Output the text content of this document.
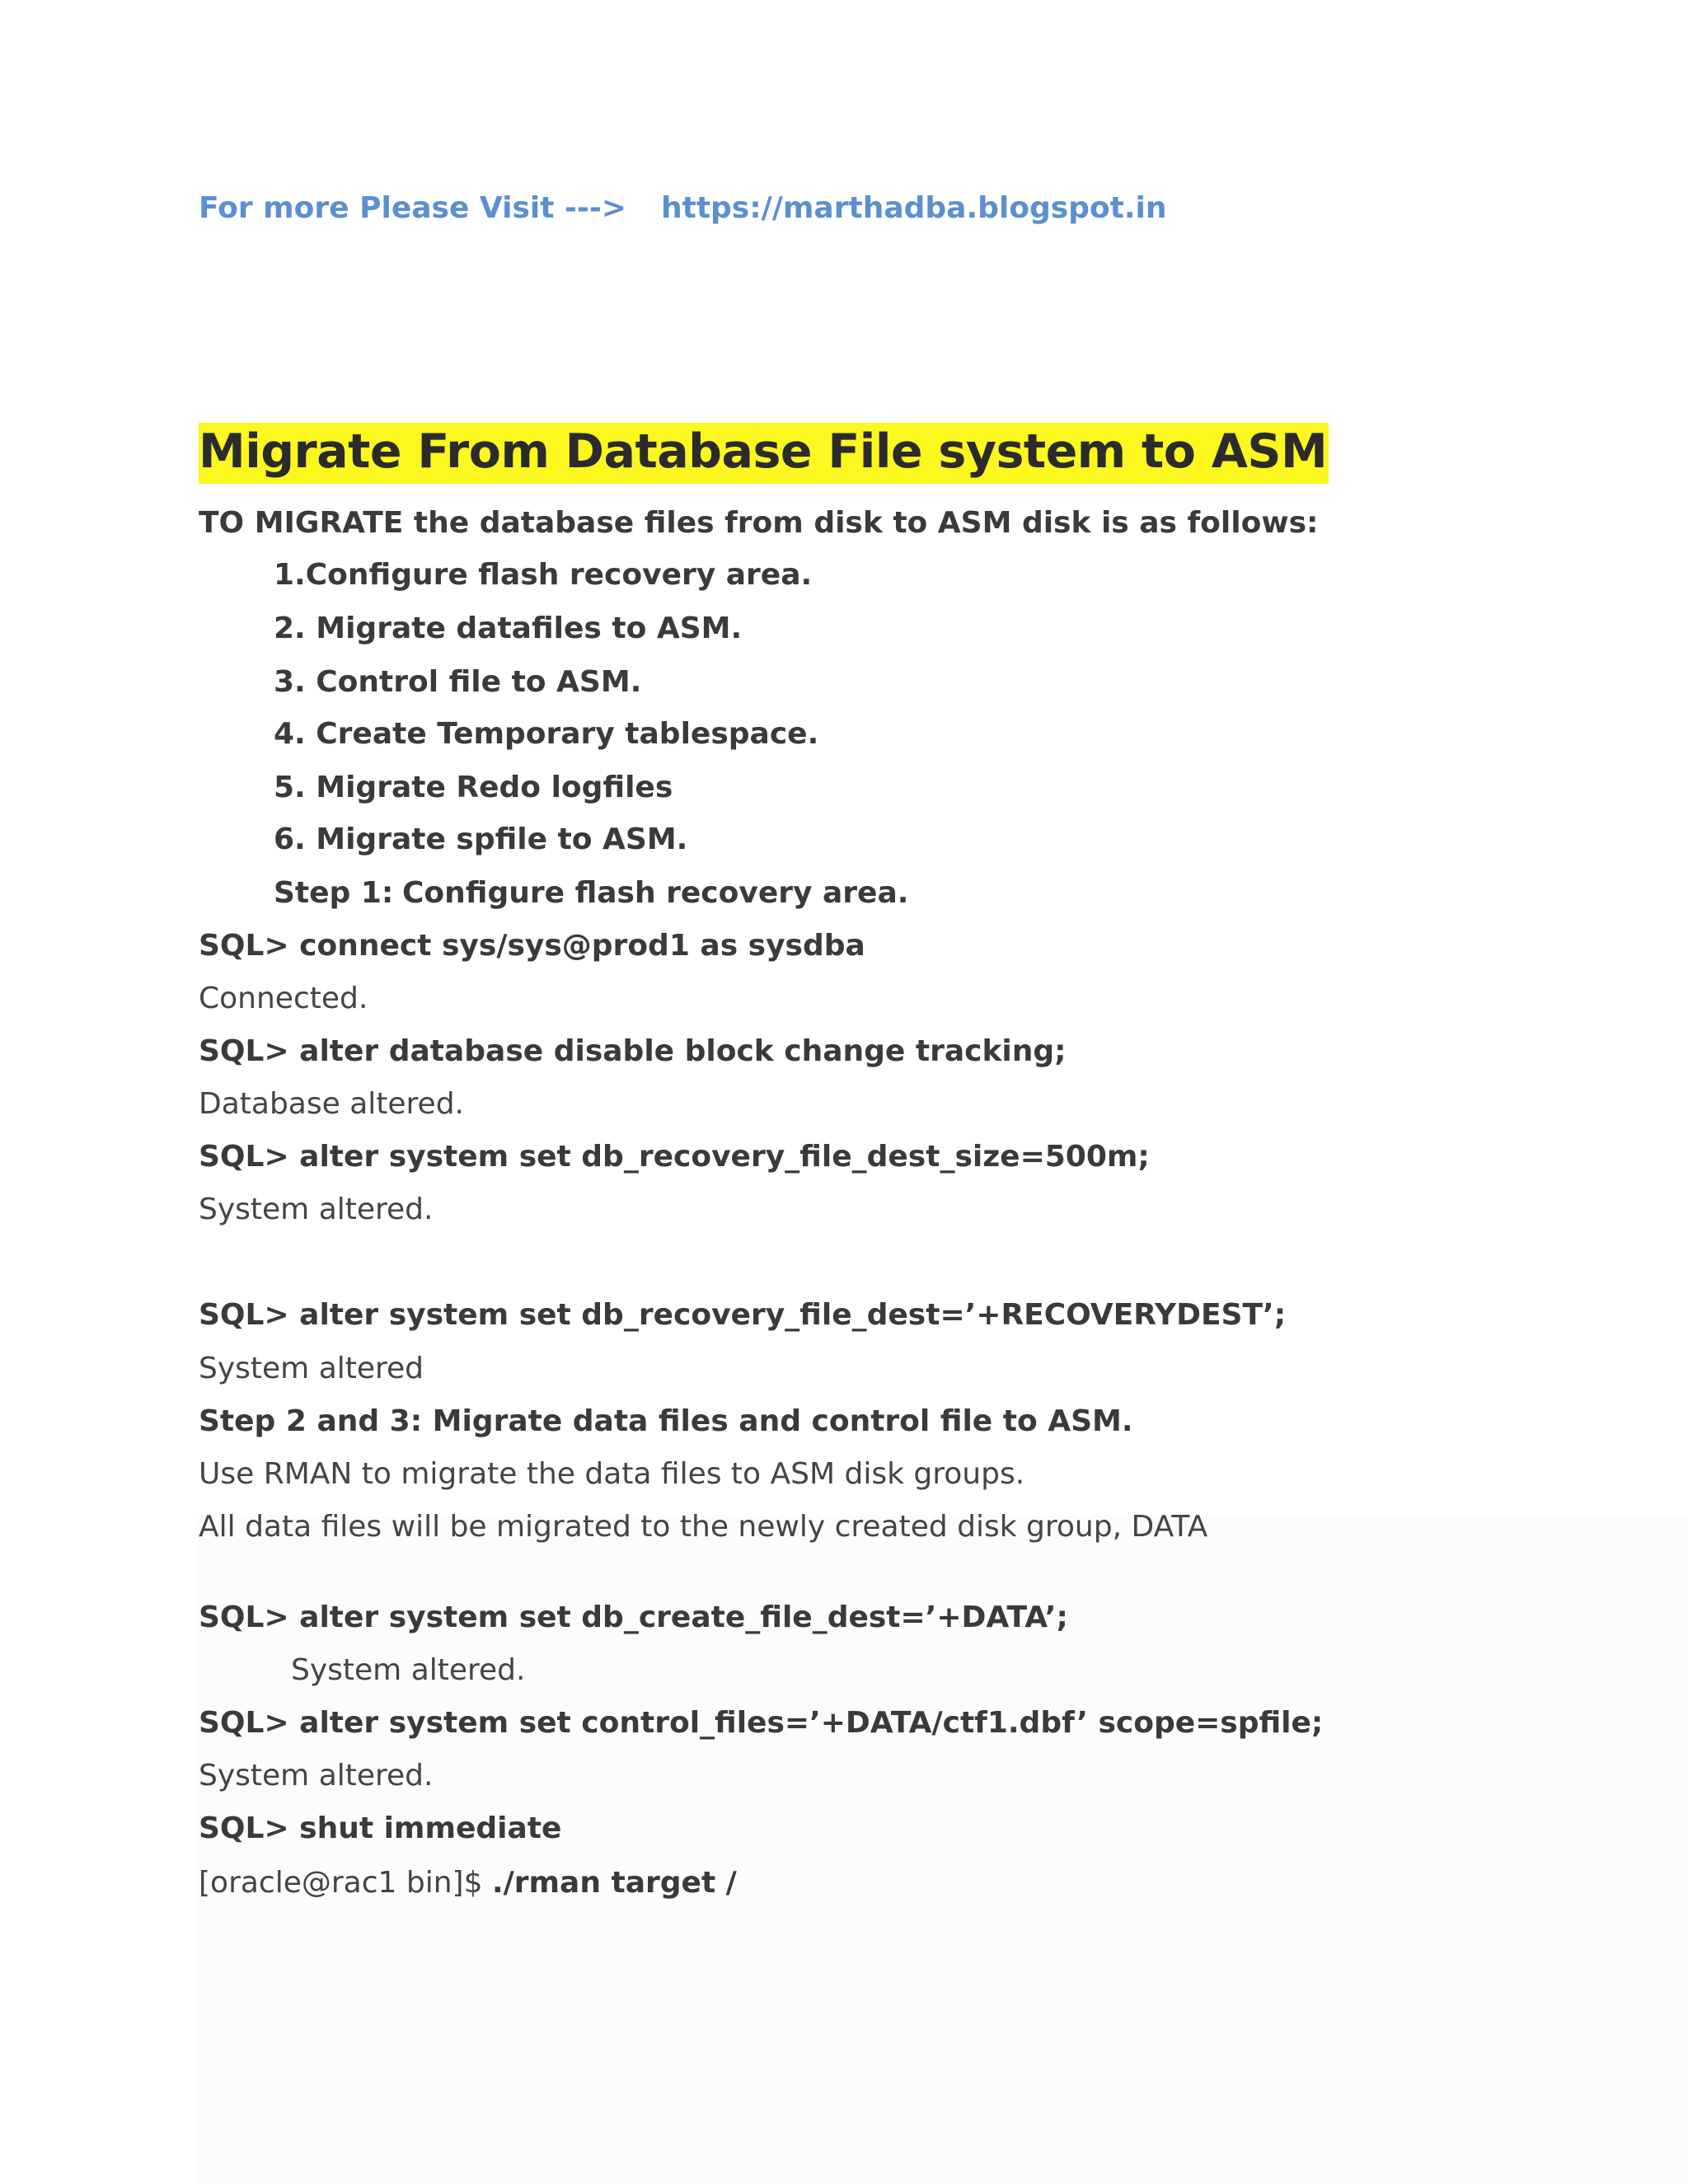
For more Please Visit ---> https://marthadba.blogspot.in
Migrate From Database File system to ASM
TO MIGRATE the database files from disk to ASM disk is as follows:
1.Configure flash recovery area.
2. Migrate datafiles to ASM.
3. Control file to ASM.
4. Create Temporary tablespace.
5. Migrate Redo logfiles
6. Migrate spfile to ASM.
Step 1: Configure flash recovery area.
SQL> connect sys/sys@prod1 as sysdba
Connected.
SQL> alter database disable block change tracking;
Database altered.
SQL> alter system set db_recovery_file_dest_size=500m;
System altered.
SQL> alter system set db_recovery_file_dest=’+RECOVERYDEST’;
System altered
Step 2 and 3: Migrate data files and control file to ASM.
Use RMAN to migrate the data files to ASM disk groups.
All data files will be migrated to the newly created disk group, DATA
SQL> alter system set db_create_file_dest=’+DATA’;
System altered.
SQL> alter system set control_files=’+DATA/ctf1.dbf’ scope=spfile;
System altered.
SQL> shut immediate
[oracle@rac1 bin]$ ./rman target /
